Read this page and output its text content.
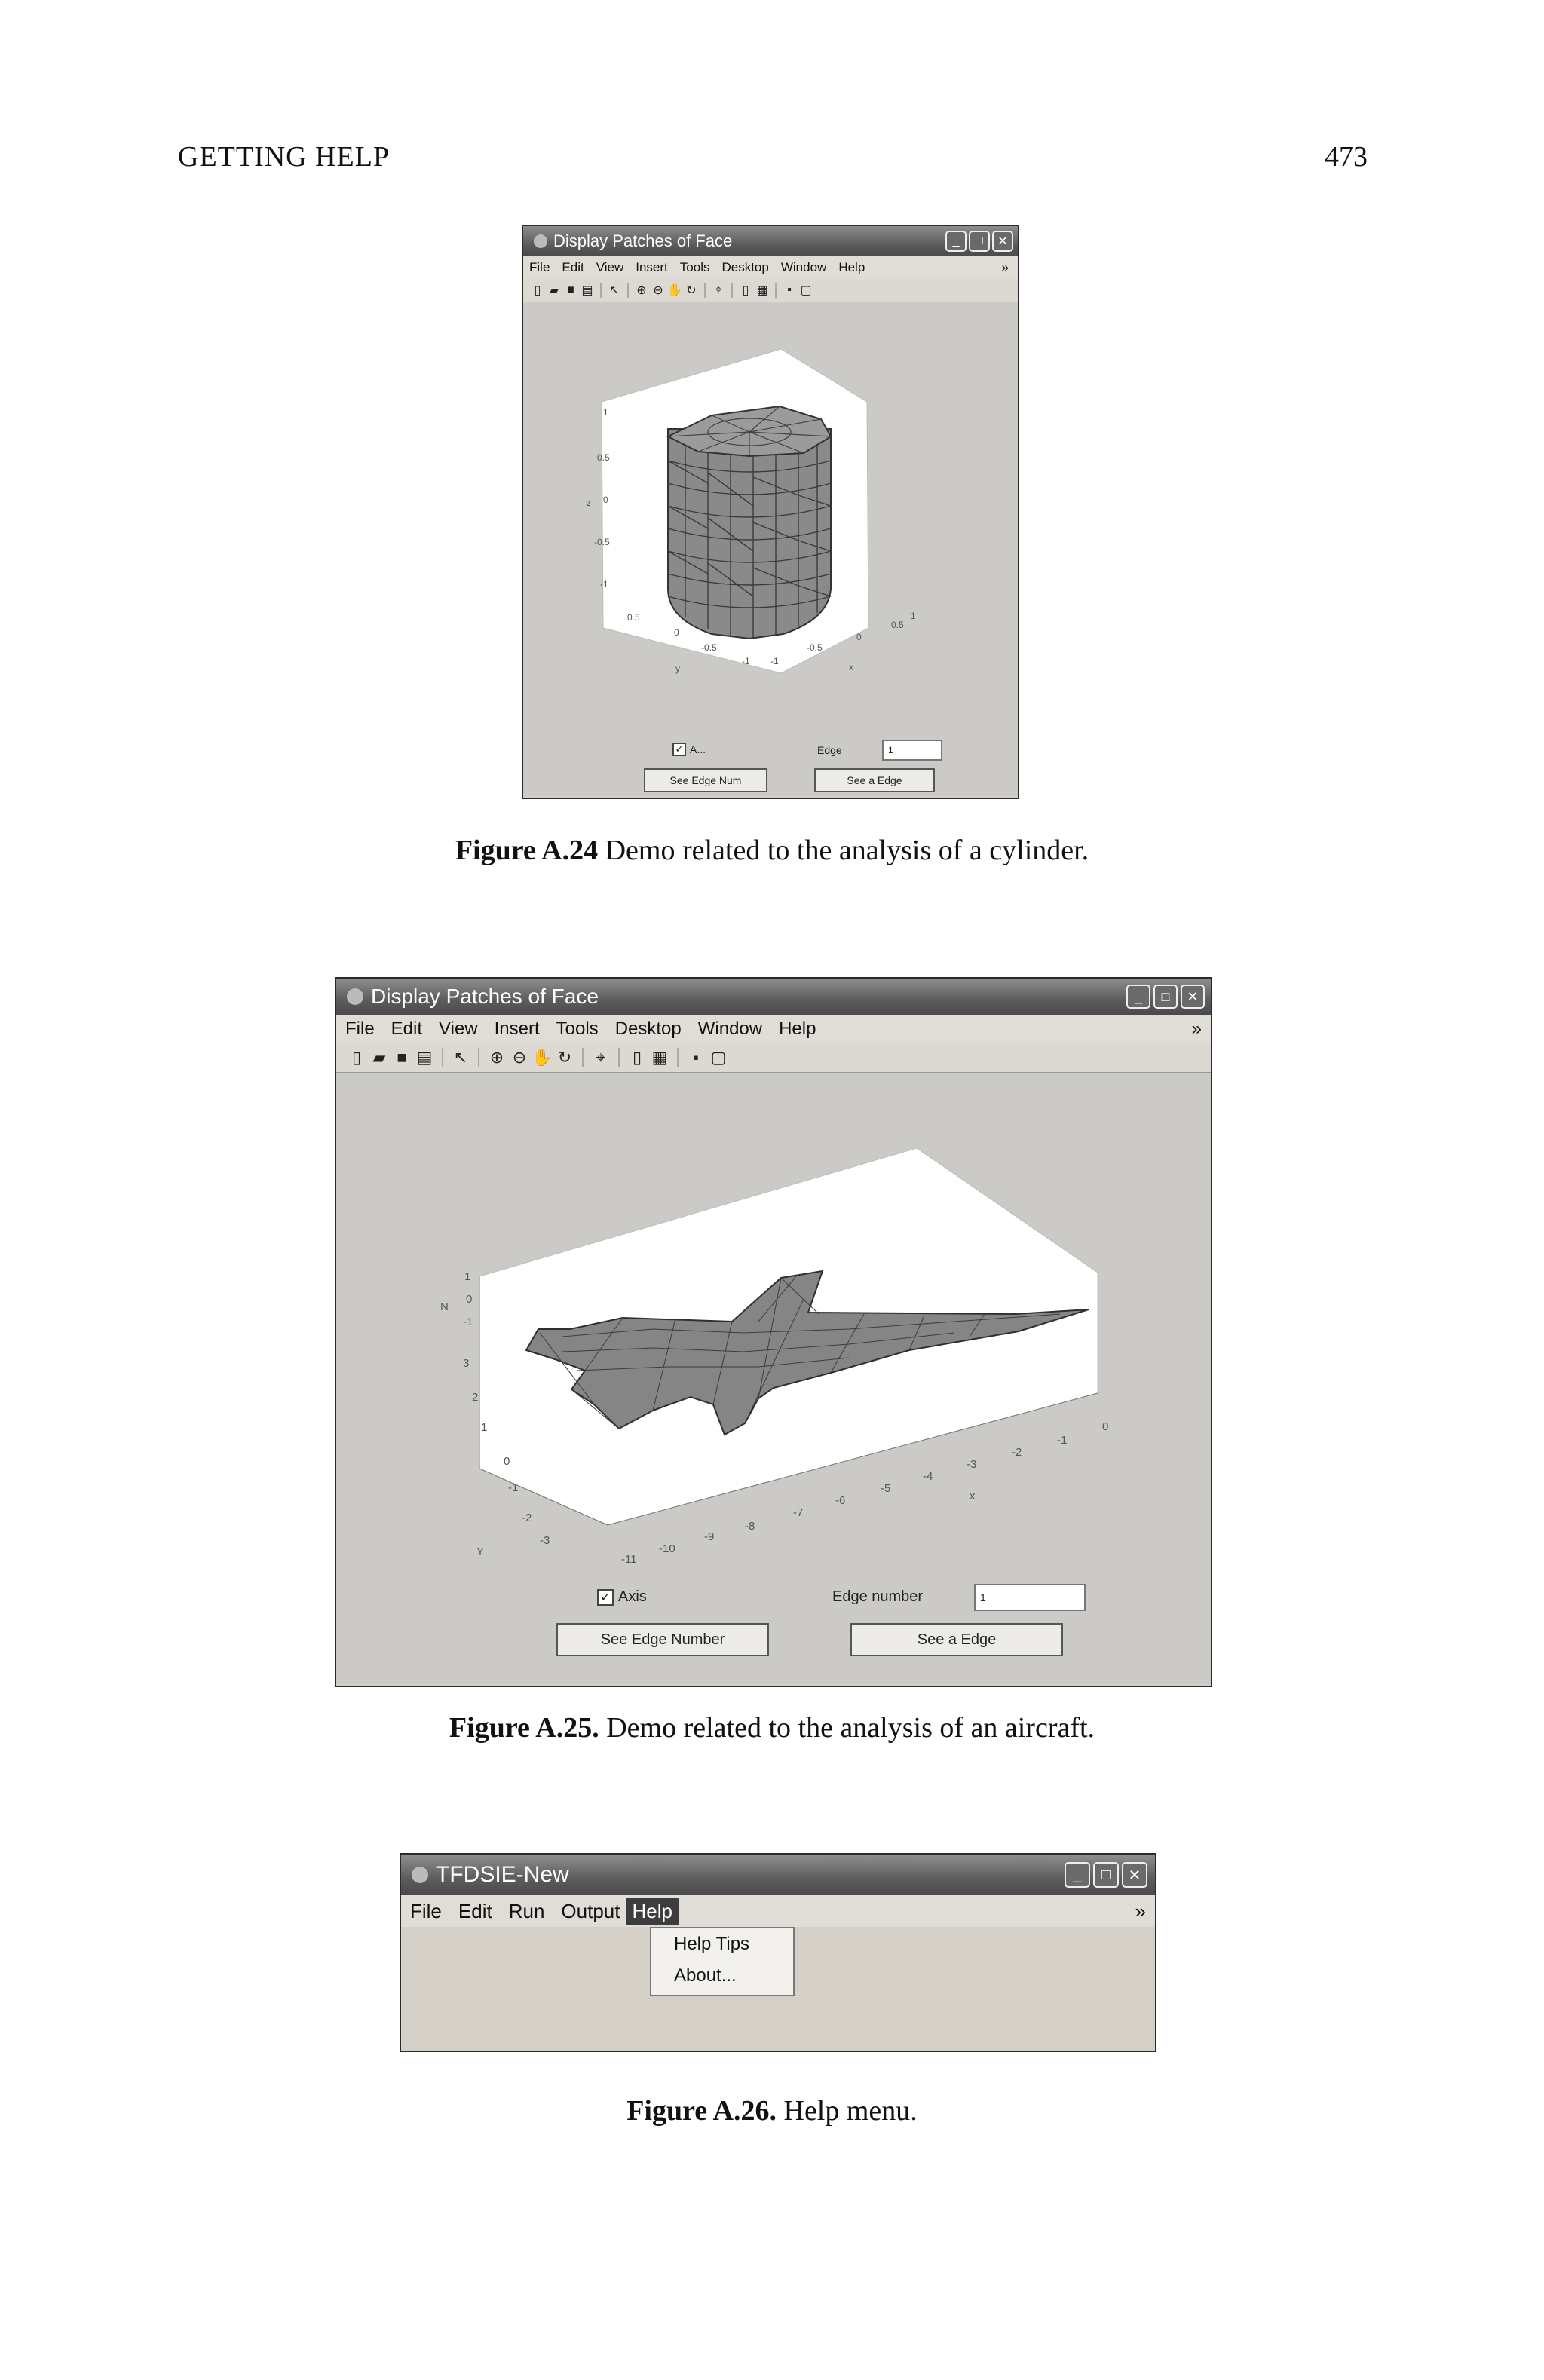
GETTING HELP	473
Display Patches of Face	_	□	✕
File Edit View Insert Tools Desktop Window Help	»
▯ ▰ ■ ▤ ↖ ⊕ ⊖ ✋ ↻	⌖	▯ ▦	▪ ▢
1
0.5
0
-0.5
-1
z
0.5
0
-0.5
-1
1
0.5
0
-0.5
-1
y	x
✓ A...	Edge	1
See Edge Num	See a Edge
Figure A.24 Demo related to the analysis of a cylinder.
Display Patches of Face	_	□	✕
File Edit View Insert Tools Desktop Window Help	»
▯ ▰ ■ ▤ ↖ ⊕ ⊖ ✋ ↻	⌖	▯ ▦	▪ ▢
1
0
-1
N
3
2
1
0
-1
-2
-3
Y
-11
-10
-9
-8
-7
-6
-5
-4
-3
-2
-1
0
x
✓ Axis	Edge number	1
See Edge Number	See a Edge
Figure A.25. Demo related to the analysis of an aircraft.
TFDSIE-New	_	□	✕
File Edit Run Output Help	»
Help Tips
About...
Figure A.26. Help menu.
